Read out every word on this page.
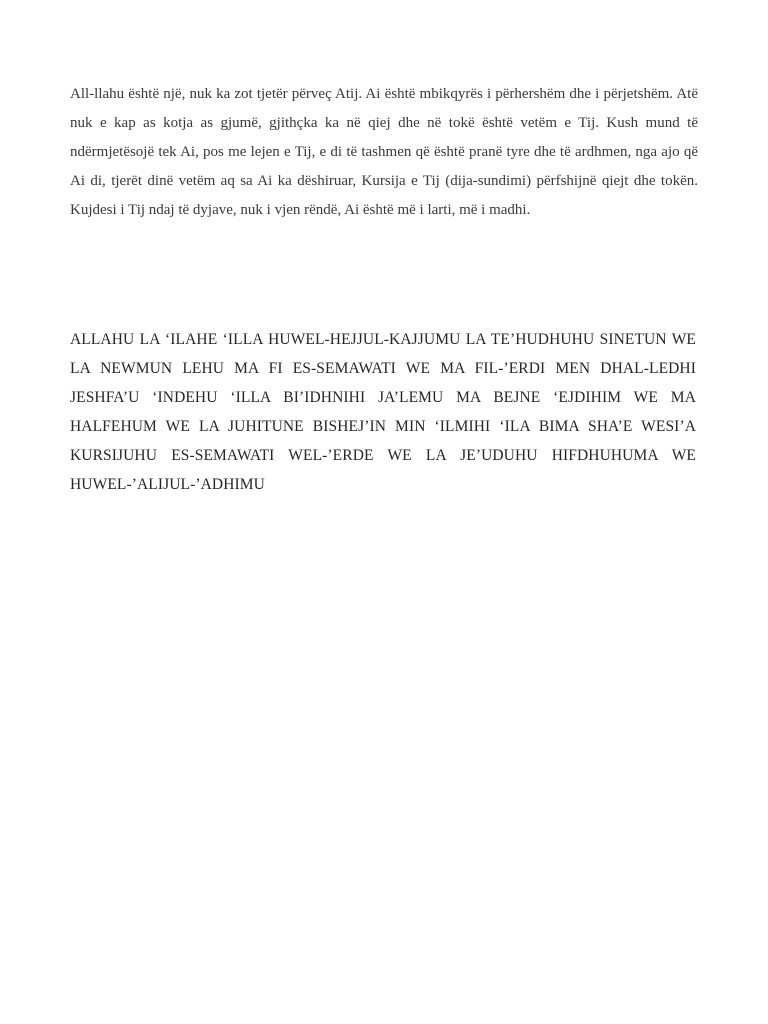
All-llahu është një, nuk ka zot tjetër përveç Atij. Ai është mbikqyrës i përhershëm dhe i përjetshëm. Atë nuk e kap as kotja as gjumë, gjithçka ka në qiej dhe në tokë është vetëm e Tij. Kush mund të ndërmjetësojë tek Ai, pos me lejen e Tij, e di të tashmen që është pranë tyre dhe të ardhmen, nga ajo që Ai di, tjerët dinë vetëm aq sa Ai ka dëshiruar, Kursija e Tij (dija-sundimi) përfshijnë qiejt dhe tokën. Kujdesi i Tij ndaj të dyjave, nuk i vjen rëndë, Ai është më i larti, më i madhi.

ALLAHU LA ‘ILAHE ‘ILLA HUWEL-HEJJUL-KAJJUMU LA TE’HUDHUHU SINETUN WE LA NEWMUN LEHU MA FI ES-SEMAWATI WE MA FIL-’ERDI MEN DHAL-LEDHI JESHFA’U ‘INDEHU ‘ILLA BI’IDHNIHI JA’LEMU MA BEJNE ‘EJDIHIM WE MA HALFEHUM WE LA JUHITUNE BISHEJ’IN MIN ‘ILMIHI ‘ILA BIMA SHA’E WESI’A KURSIJUHU ES-SEMAWATI WEL-’ERDE WE LA JE’UDUHU HIFDHUHUMA WE HUWEL-’ALIJUL-’ADHIMU
